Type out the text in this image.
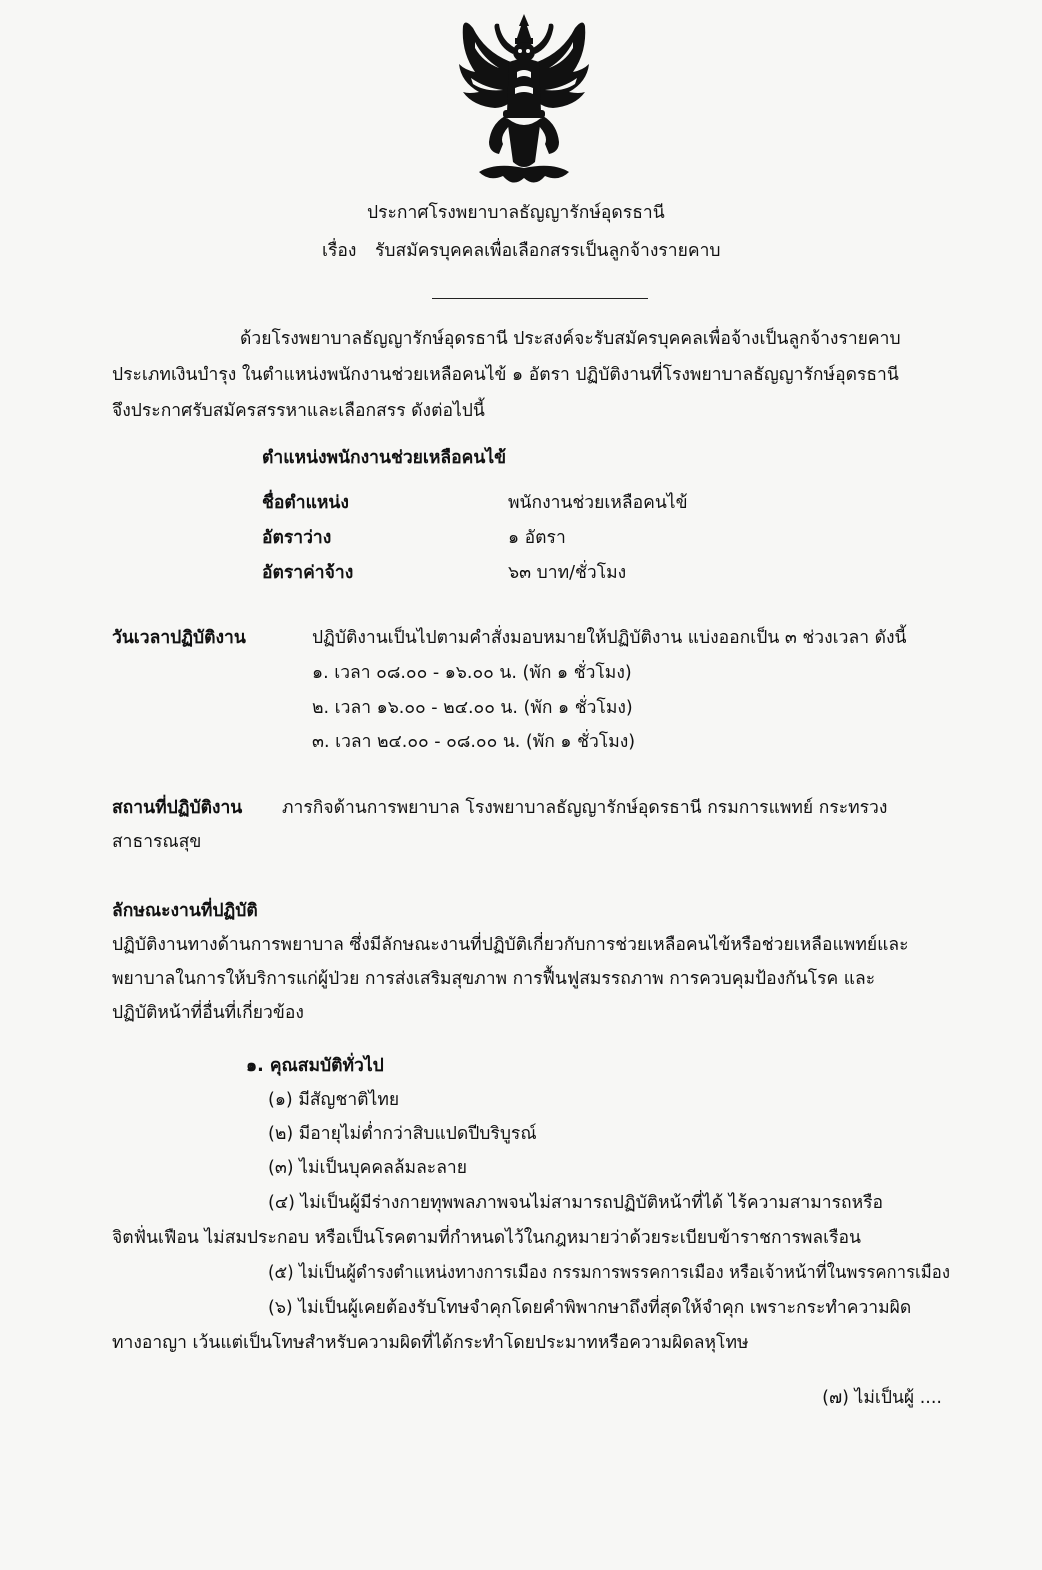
ประกาศโรงพยาบาลธัญญารักษ์อุดรธานี
เรื่อง รับสมัครบุคคลเพื่อเลือกสรรเป็นลูกจ้างรายคาบ
ด้วยโรงพยาบาลธัญญารักษ์อุดรธานี ประสงค์จะรับสมัครบุคคลเพื่อจ้างเป็นลูกจ้างรายคาบ
ประเภทเงินบำรุง ในตำแหน่งพนักงานช่วยเหลือคนไข้ ๑ อัตรา ปฏิบัติงานที่โรงพยาบาลธัญญารักษ์อุดรธานี
จึงประกาศรับสมัครสรรหาและเลือกสรร ดังต่อไปนี้
ตำแหน่งพนักงานช่วยเหลือคนไข้
ชื่อตำแหน่ง	พนักงานช่วยเหลือคนไข้
อัตราว่าง	๑ อัตรา
อัตราค่าจ้าง	๖๓ บาท/ชั่วโมง
วันเวลาปฏิบัติงาน	ปฏิบัติงานเป็นไปตามคำสั่งมอบหมายให้ปฏิบัติงาน แบ่งออกเป็น ๓ ช่วงเวลา ดังนี้
๑. เวลา ๐๘.๐๐ - ๑๖.๐๐ น. (พัก ๑ ชั่วโมง)
๒. เวลา ๑๖.๐๐ - ๒๔.๐๐ น. (พัก ๑ ชั่วโมง)
๓. เวลา ๒๔.๐๐ - ๐๘.๐๐ น. (พัก ๑ ชั่วโมง)
สถานที่ปฏิบัติงาน ภารกิจด้านการพยาบาล โรงพยาบาลธัญญารักษ์อุดรธานี กรมการแพทย์ กระทรวง
สาธารณสุข
ลักษณะงานที่ปฏิบัติ
ปฏิบัติงานทางด้านการพยาบาล ซึ่งมีลักษณะงานที่ปฏิบัติเกี่ยวกับการช่วยเหลือคนไข้หรือช่วยเหลือแพทย์และ
พยาบาลในการให้บริการแก่ผู้ป่วย การส่งเสริมสุขภาพ การฟื้นฟูสมรรถภาพ การควบคุมป้องกันโรค และ
ปฏิบัติหน้าที่อื่นที่เกี่ยวข้อง
๑. คุณสมบัติทั่วไป
(๑) มีสัญชาติไทย
(๒) มีอายุไม่ต่ำกว่าสิบแปดปีบริบูรณ์
(๓) ไม่เป็นบุคคลล้มละลาย
(๔) ไม่เป็นผู้มีร่างกายทุพพลภาพจนไม่สามารถปฏิบัติหน้าที่ได้ ไร้ความสามารถหรือ
จิตฟั่นเฟือน ไม่สมประกอบ หรือเป็นโรคตามที่กำหนดไว้ในกฎหมายว่าด้วยระเบียบข้าราชการพลเรือน
(๕) ไม่เป็นผู้ดำรงตำแหน่งทางการเมือง กรรมการพรรคการเมือง หรือเจ้าหน้าที่ในพรรคการเมือง
(๖) ไม่เป็นผู้เคยต้องรับโทษจำคุกโดยคำพิพากษาถึงที่สุดให้จำคุก เพราะกระทำความผิด
ทางอาญา เว้นแต่เป็นโทษสำหรับความผิดที่ได้กระทำโดยประมาทหรือความผิดลหุโทษ
(๗) ไม่เป็นผู้ ....
